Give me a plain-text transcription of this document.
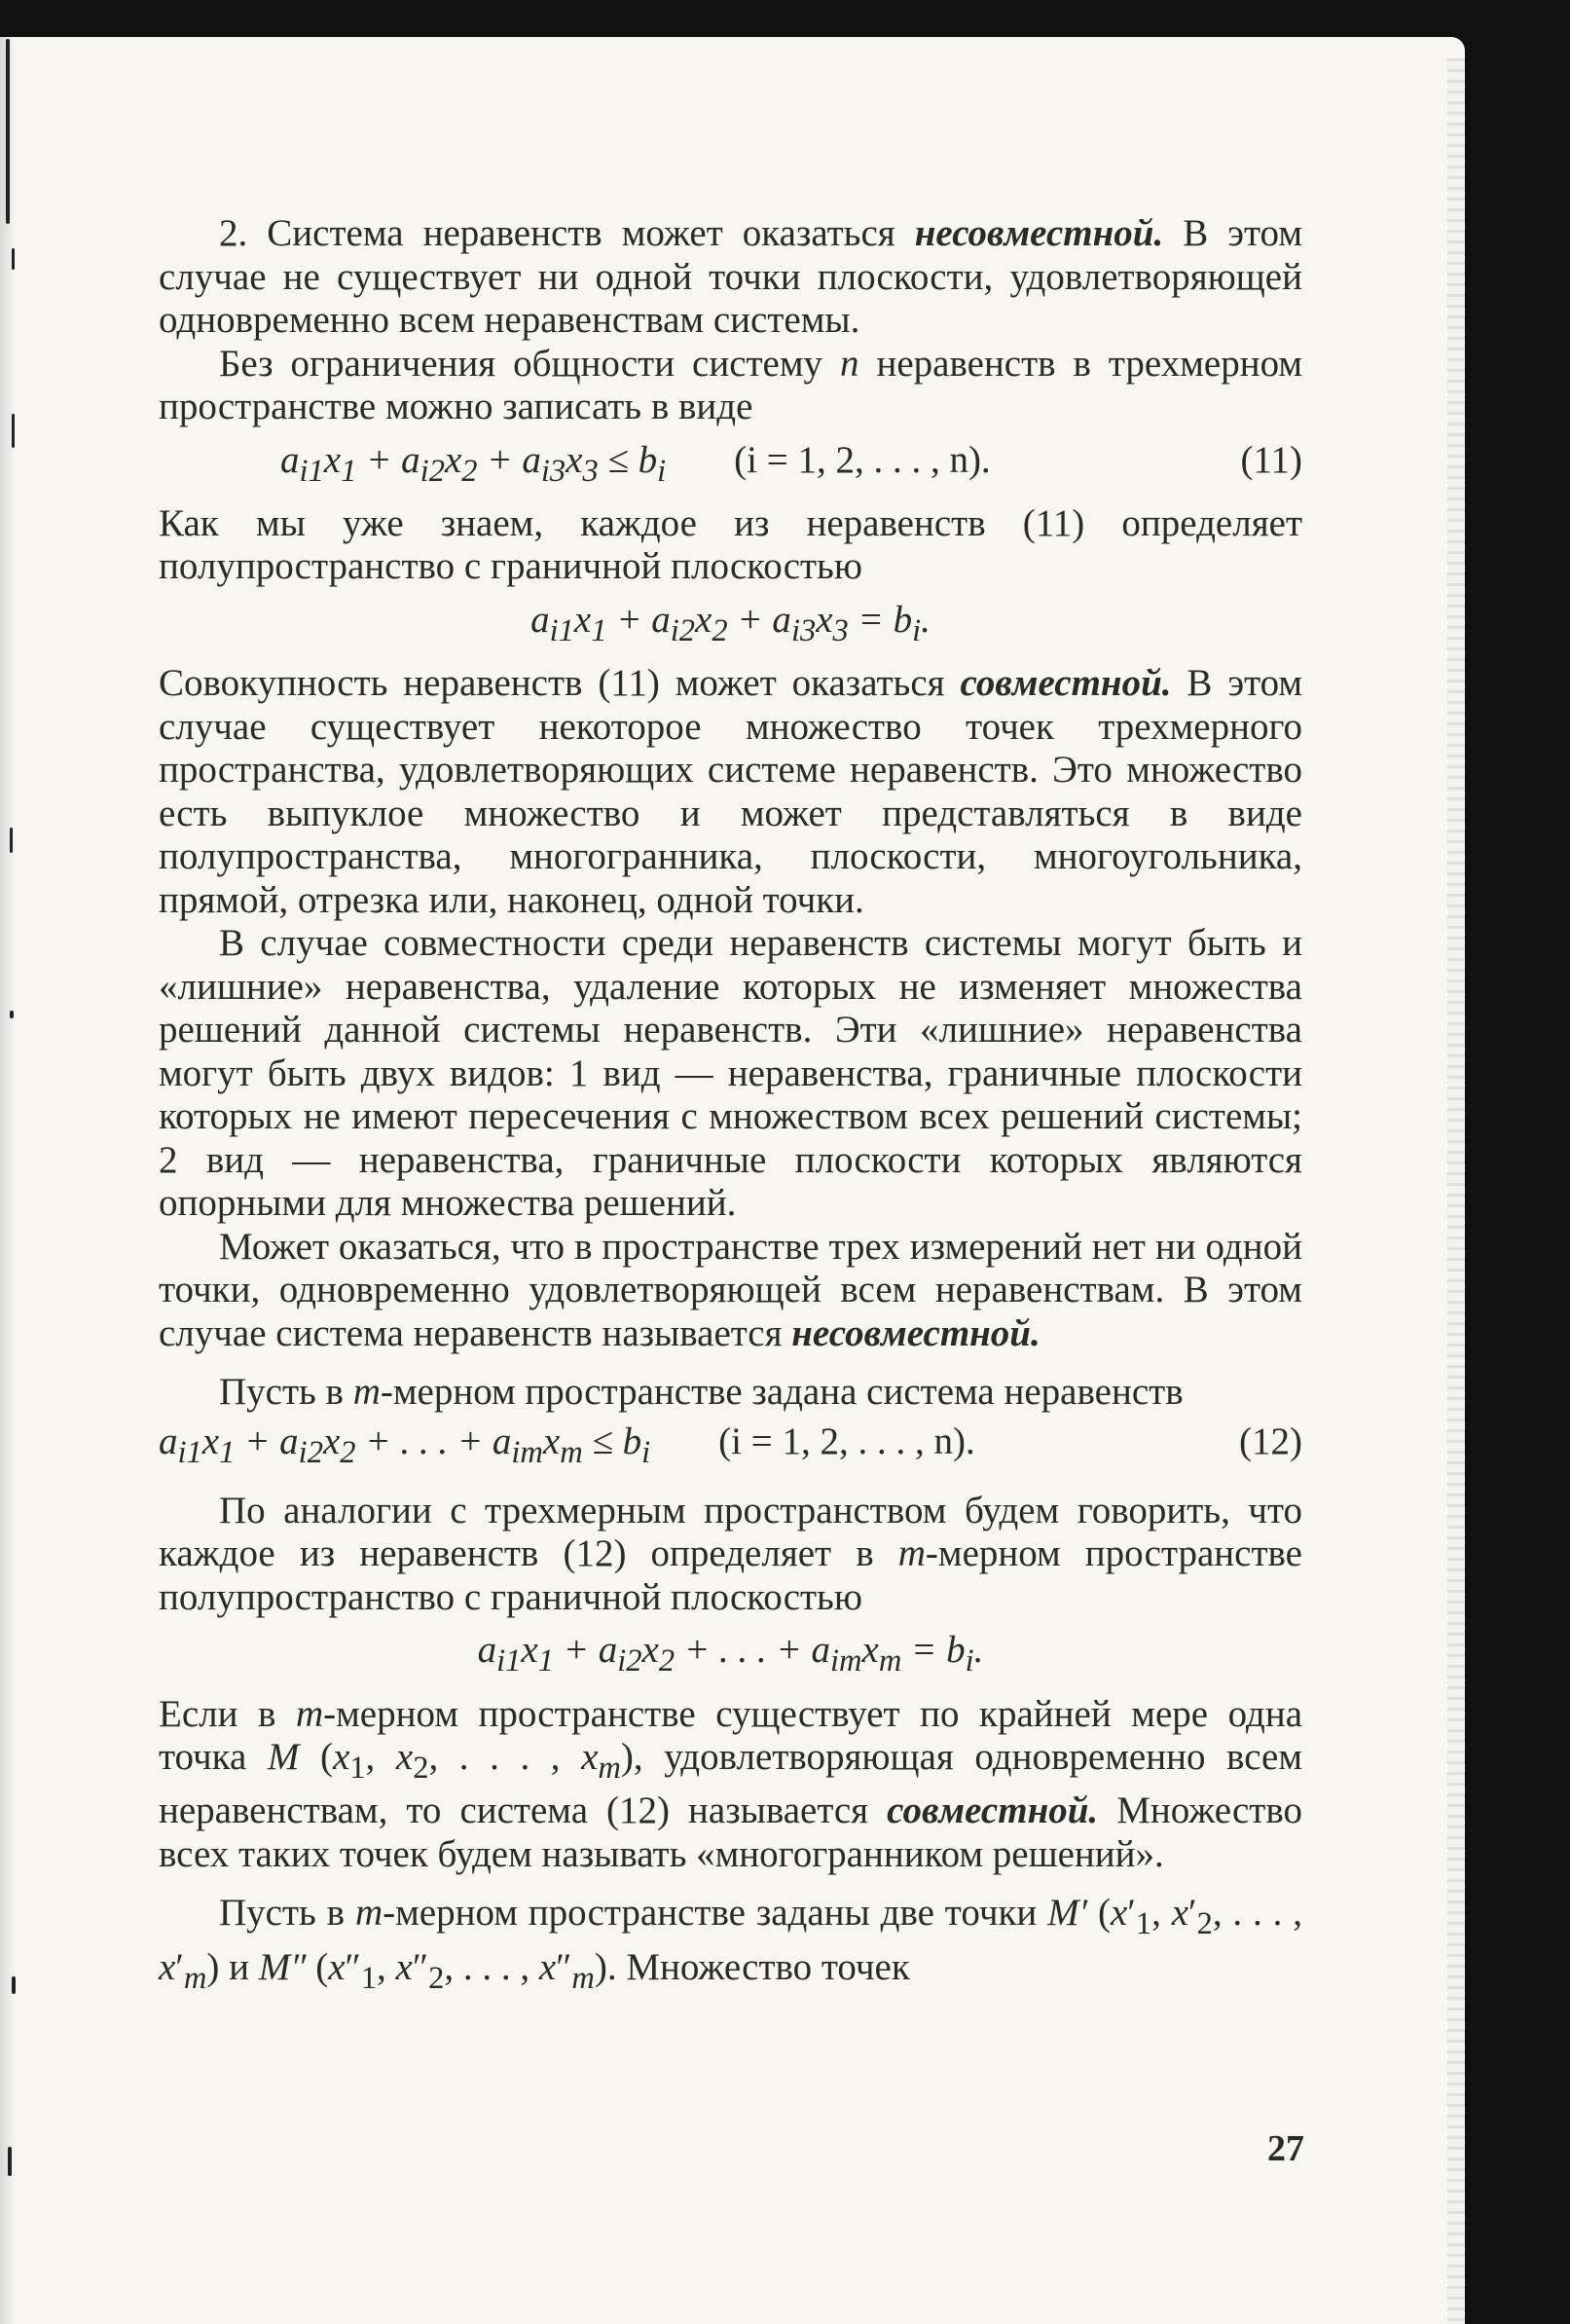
2. Система неравенств может оказаться несовместной. В этом случае не существует ни одной точки плоскости, удовлетворяющей одновременно всем неравенствам системы.

Без ограничения общности систему n неравенств в трехмерном пространстве можно записать в виде

$a_{i1}x_1 + a_{i2}x_2 + a_{i3}x_3 \le b_i$ (i = 1, 2, . . . , n).	(11)

Как мы уже знаем, каждое из неравенств (11) определяет полупространство с граничной плоскостью

$a_{i1}x_1 + a_{i2}x_2 + a_{i3}x_3 = b_i$.

Совокупность неравенств (11) может оказаться совместной. В этом случае существует некоторое множество точек трехмерного пространства, удовлетворяющих системе неравенств. Это множество есть выпуклое множество и может представляться в виде полупространства, многогранника, плоскости, многоугольника, прямой, отрезка или, наконец, одной точки.

В случае совместности среди неравенств системы могут быть и «лишние» неравенства, удаление которых не изменяет множества решений данной системы неравенств. Эти «лишние» неравенства могут быть двух видов: 1 вид — неравенства, граничные плоскости которых не имеют пересечения с множеством всех решений системы; 2 вид — неравенства, граничные плоскости которых являются опорными для множества решений.

Может оказаться, что в пространстве трех измерений нет ни одной точки, одновременно удовлетворяющей всем неравенствам. В этом случае система неравенств называется несовместной.

Пусть в m-мерном пространстве задана система неравенств

$a_{i1}x_1 + a_{i2}x_2$ + . . . + $a_{im}x_m \le b_i$ (i = 1, 2, . . . , n).	(12)

По аналогии с трехмерным пространством будем говорить, что каждое из неравенств (12) определяет в m-мерном пространстве полупространство с граничной плоскостью

$a_{i1}x_1 + a_{i2}x_2$ + . . . + $a_{im}x_m = b_i$.

Если в m-мерном пространстве существует по крайней мере одна точка M ($x_1$, $x_2$, . . . , $x_m$), удовлетворяющая одновременно всем неравенствам, то система (12) называется совместной. Множество всех таких точек будем называть «многогранником решений».

Пусть в m-мерном пространстве заданы две точки M′ ($x'_1$, $x'_2$, . . . , $x'_m$) и M″ ($x''_1$, $x''_2$, . . . , $x''_m$). Множество точек

27
